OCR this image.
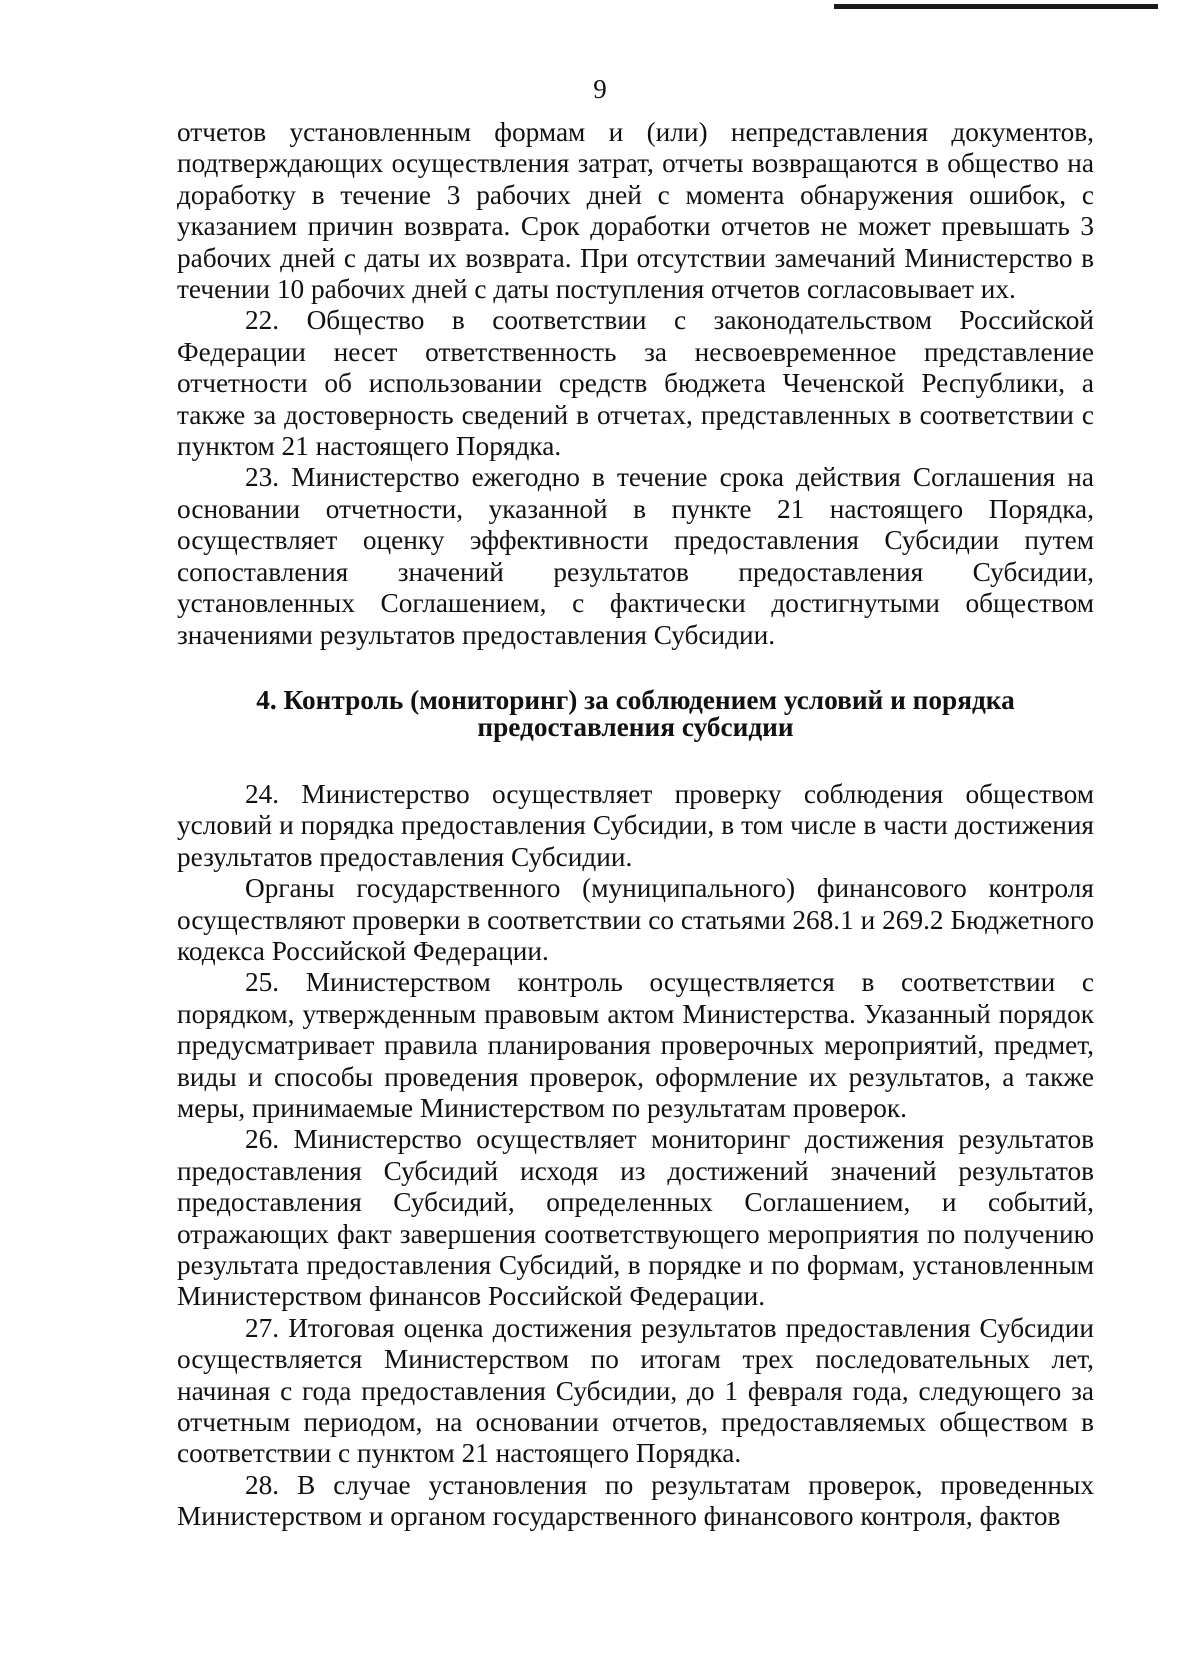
9

отчетов установленным формам и (или) непредставления документов, подтверждающих осуществления затрат, отчеты возвращаются в общество на доработку в течение 3 рабочих дней с момента обнаружения ошибок, с указанием причин возврата. Срок доработки отчетов не может превышать 3 рабочих дней с даты их возврата. При отсутствии замечаний Министерство в течении 10 рабочих дней с даты поступления отчетов согласовывает их.

22. Общество в соответствии с законодательством Российской Федерации несет ответственность за несвоевременное представление отчетности об использовании средств бюджета Чеченской Республики, а также за достоверность сведений в отчетах, представленных в соответствии с пунктом 21 настоящего Порядка.

23. Министерство ежегодно в течение срока действия Соглашения на основании отчетности, указанной в пункте 21 настоящего Порядка, осуществляет оценку эффективности предоставления Субсидии путем сопоставления значений результатов предоставления Субсидии, установленных Соглашением, с фактически достигнутыми обществом значениями результатов предоставления Субсидии.

4. Контроль (мониторинг) за соблюдением условий и порядка предоставления субсидии

24. Министерство осуществляет проверку соблюдения обществом условий и порядка предоставления Субсидии, в том числе в части достижения результатов предоставления Субсидии.

Органы государственного (муниципального) финансового контроля осуществляют проверки в соответствии со статьями 268.1 и 269.2 Бюджетного кодекса Российской Федерации.

25. Министерством контроль осуществляется в соответствии с порядком, утвержденным правовым актом Министерства. Указанный порядок предусматривает правила планирования проверочных мероприятий, предмет, виды и способы проведения проверок, оформление их результатов, а также меры, принимаемые Министерством по результатам проверок.

26. Министерство осуществляет мониторинг достижения результатов предоставления Субсидий исходя из достижений значений результатов предоставления Субсидий, определенных Соглашением, и событий, отражающих факт завершения соответствующего мероприятия по получению результата предоставления Субсидий, в порядке и по формам, установленным Министерством финансов Российской Федерации.

27. Итоговая оценка достижения результатов предоставления Субсидии осуществляется Министерством по итогам трех последовательных лет, начиная с года предоставления Субсидии, до 1 февраля года, следующего за отчетным периодом, на основании отчетов, предоставляемых обществом в соответствии с пунктом 21 настоящего Порядка.

28. В случае установления по результатам проверок, проведенных Министерством и органом государственного финансового контроля, фактов
